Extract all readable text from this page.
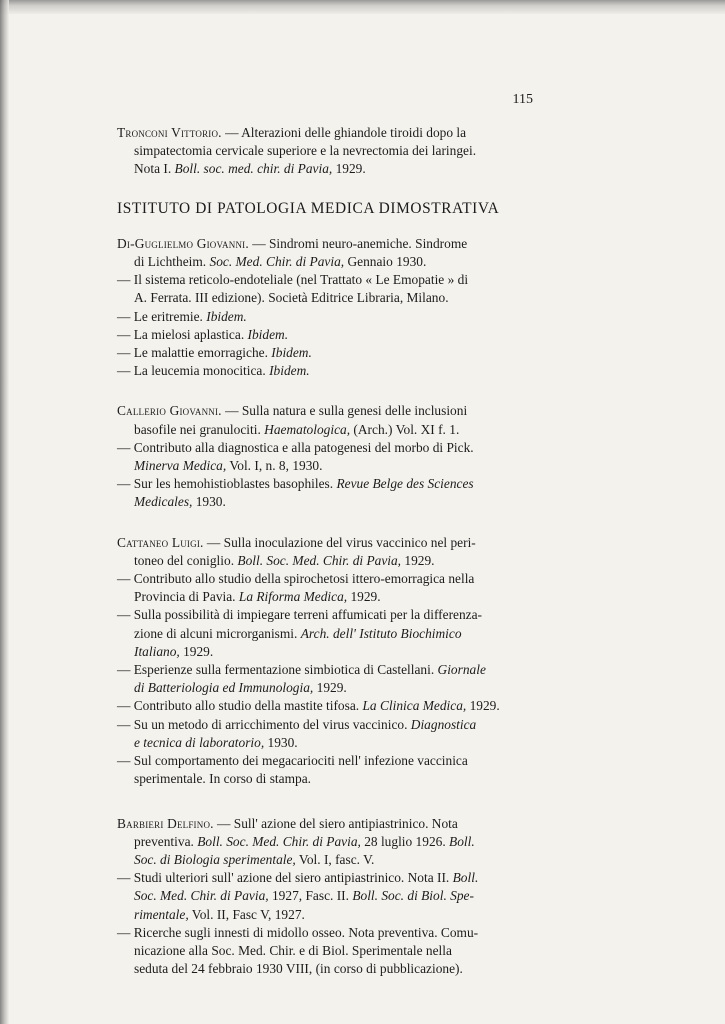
115
Tronconi Vittorio. — Alterazioni delle ghiandole tiroidi dopo la
simpatectomia cervicale superiore e la nevrectomia dei laringei.
Nota I. Boll. soc. med. chir. di Pavia, 1929.
ISTITUTO DI PATOLOGIA MEDICA DIMOSTRATIVA
Di-Guglielmo Giovanni. — Sindromi neuro-anemiche. Sindrome
di Lichtheim. Soc. Med. Chir. di Pavia, Gennaio 1930.
— Il sistema reticolo-endoteliale (nel Trattato « Le Emopatie » di
A. Ferrata. III edizione). Società Editrice Libraria, Milano.
— Le eritremie. Ibidem.
— La mielosi aplastica. Ibidem.
— Le malattie emorragiche. Ibidem.
— La leucemia monocitica. Ibidem.
Callerio Giovanni. — Sulla natura e sulla genesi delle inclusioni
basofile nei granulociti. Haematologica, (Arch.) Vol. XI f. 1.
— Contributo alla diagnostica e alla patogenesi del morbo di Pick.
Minerva Medica, Vol. I, n. 8, 1930.
— Sur les hemohistioblastes basophiles. Revue Belge des Sciences
Medicales, 1930.
Cattaneo Luigi. — Sulla inoculazione del virus vaccinico nel peri-
toneo del coniglio. Boll. Soc. Med. Chir. di Pavia, 1929.
— Contributo allo studio della spirochetosi ittero-emorragica nella
Provincia di Pavia. La Riforma Medica, 1929.
— Sulla possibilità di impiegare terreni affumicati per la differenza-
zione di alcuni microrganismi. Arch. dell' Istituto Biochimico
Italiano, 1929.
— Esperienze sulla fermentazione simbiotica di Castellani. Giornale
di Batteriologia ed Immunologia, 1929.
— Contributo allo studio della mastite tifosa. La Clinica Medica, 1929.
— Su un metodo di arricchimento del virus vaccinico. Diagnostica
e tecnica di laboratorio, 1930.
— Sul comportamento dei megacariociti nell' infezione vaccinica
sperimentale. In corso di stampa.
Barbieri Delfino. — Sull' azione del siero antipiastrinico. Nota
preventiva. Boll. Soc. Med. Chir. di Pavia, 28 luglio 1926. Boll.
Soc. di Biologia sperimentale, Vol. I, fasc. V.
— Studi ulteriori sull' azione del siero antipiastrinico. Nota II. Boll.
Soc. Med. Chir. di Pavia, 1927, Fasc. II. Boll. Soc. di Biol. Spe-
rimentale, Vol. II, Fasc V, 1927.
— Ricerche sugli innesti di midollo osseo. Nota preventiva. Comu-
nicazione alla Soc. Med. Chir. e di Biol. Sperimentale nella
seduta del 24 febbraio 1930 VIII, (in corso di pubblicazione).
